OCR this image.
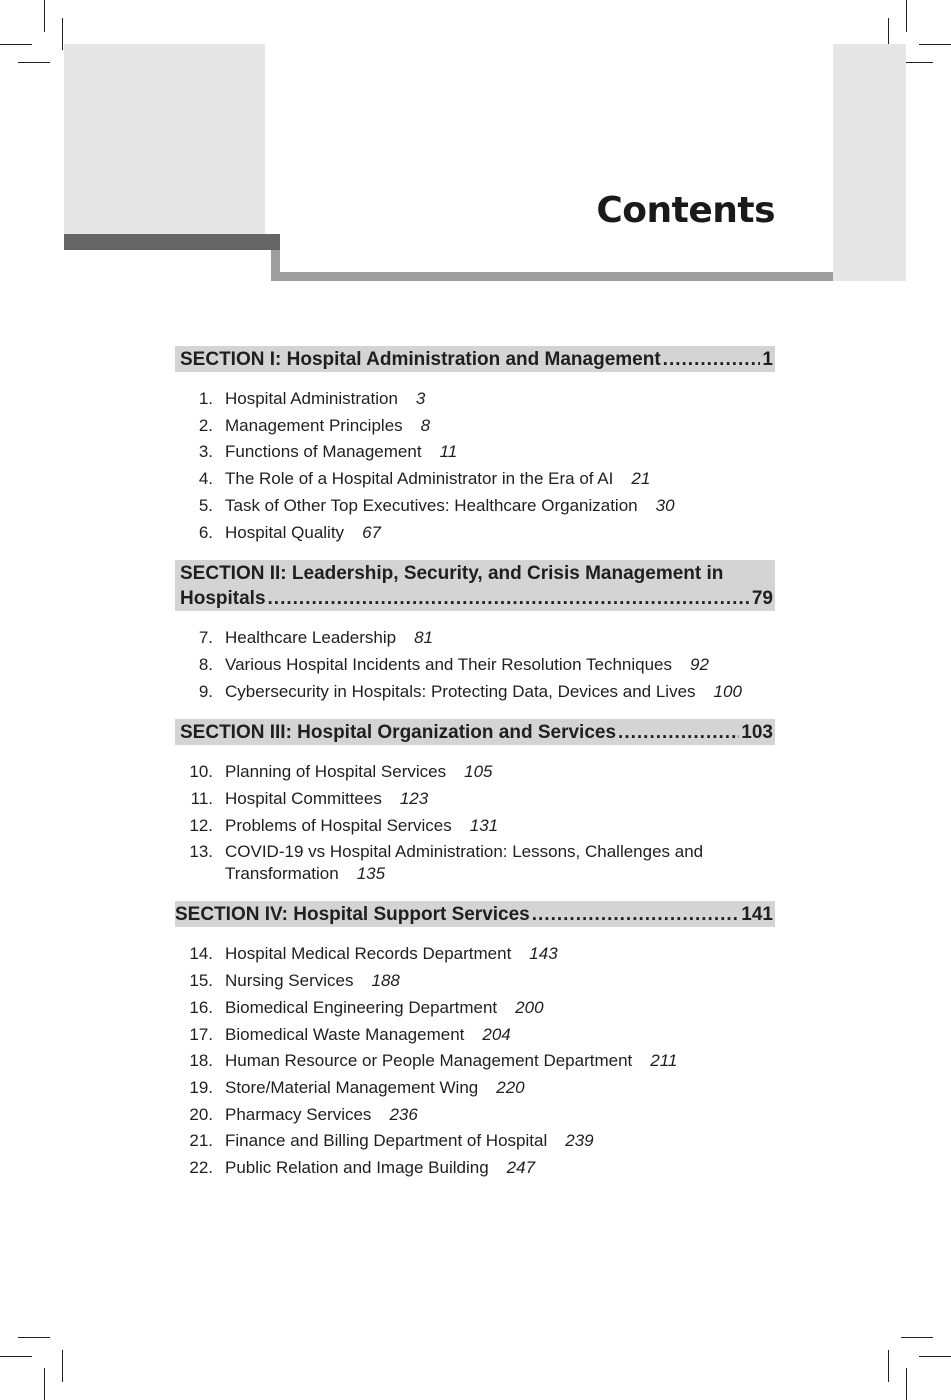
Contents
SECTION I: Hospital Administration and Management .....	1
1. Hospital Administration 3
2. Management Principles 8
3. Functions of Management 11
4. The Role of a Hospital Administrator in the Era of AI 21
5. Task of Other Top Executives: Healthcare Organization 30
6. Hospital Quality 67
SECTION II: Leadership, Security, and Crisis Management in
Hospitals .....	79
7. Healthcare Leadership 81
8. Various Hospital Incidents and Their Resolution Techniques 92
9. Cybersecurity in Hospitals: Protecting Data, Devices and Lives 100
SECTION III: Hospital Organization and Services .....	103
10. Planning of Hospital Services 105
11. Hospital Committees 123
12. Problems of Hospital Services 131
13. COVID-19 vs Hospital Administration: Lessons, Challenges and
Transformation 135
SECTION IV: Hospital Support Services .....	141
14. Hospital Medical Records Department 143
15. Nursing Services 188
16. Biomedical Engineering Department 200
17. Biomedical Waste Management 204
18. Human Resource or People Management Department 211
19. Store/Material Management Wing 220
20. Pharmacy Services 236
21. Finance and Billing Department of Hospital 239
22. Public Relation and Image Building 247
